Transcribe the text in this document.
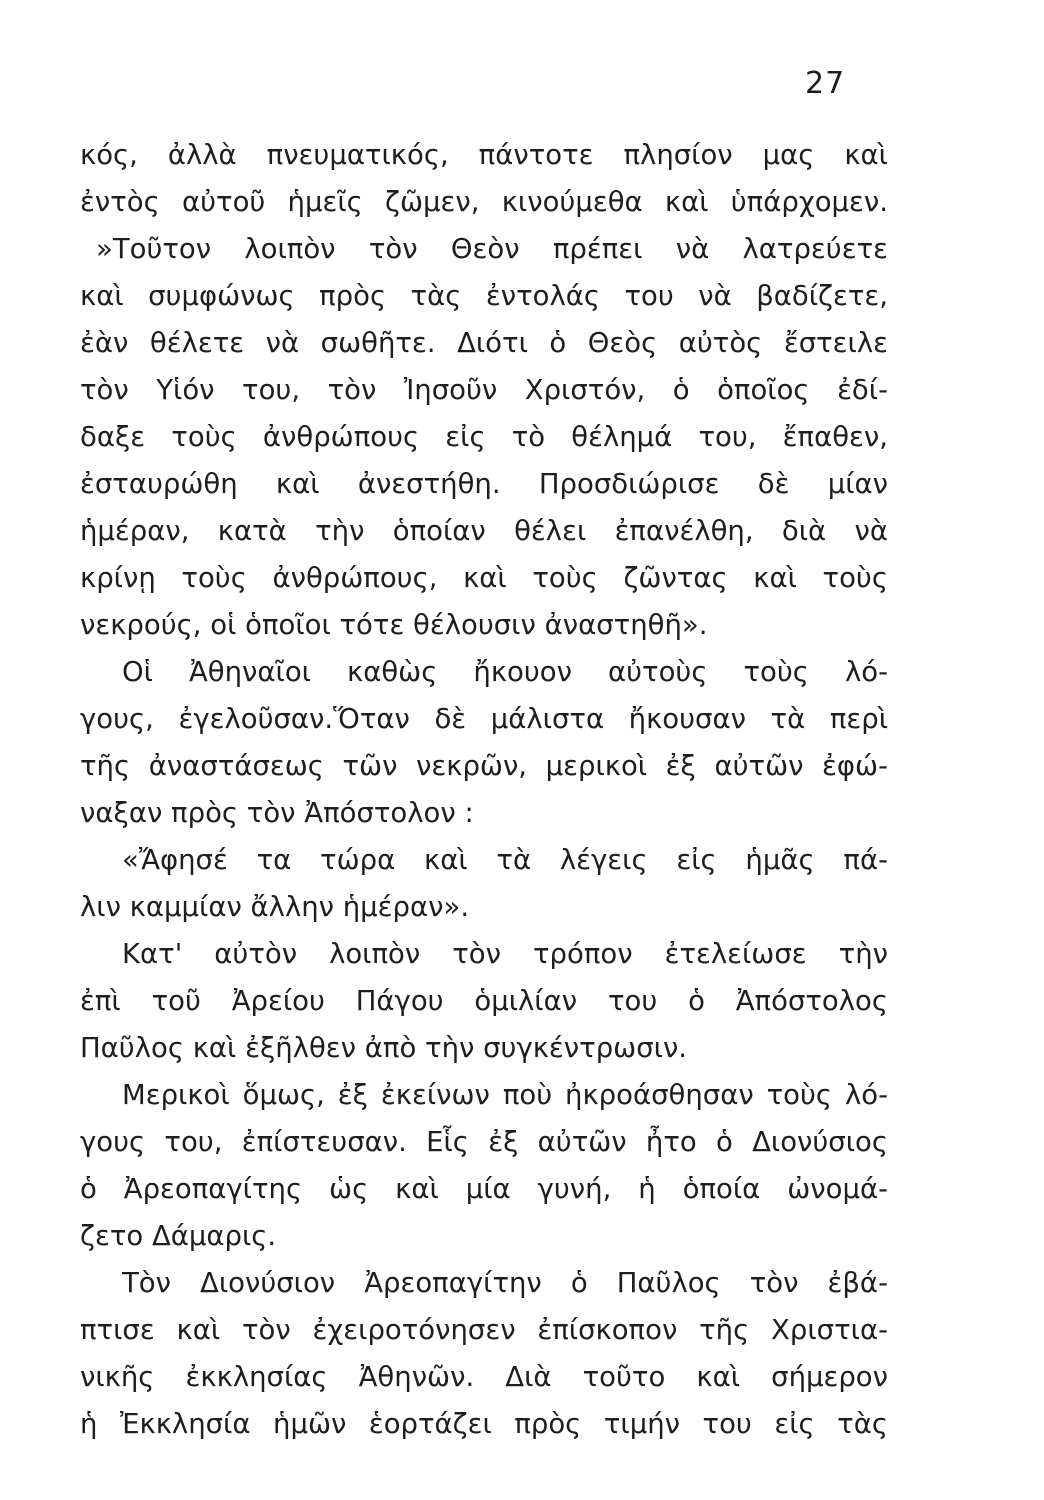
27
κός, ἀλλὰ πνευματικός, πάντοτε πλησίον μας καὶ
ἐντὸς αὐτοῦ ἡμεῖς ζῶμεν, κινούμεθα καὶ ὑπάρχομεν.
»Τοῦτον λοιπὸν τὸν Θεὸν πρέπει νὰ λατρεύετε
καὶ συμφώνως πρὸς τὰς ἐντολάς του νὰ βαδίζετε,
ἐὰν θέλετε νὰ σωθῆτε. Διότι ὁ Θεὸς αὐτὸς ἔστειλε
τὸν Υἱόν του, τὸν Ἰησοῦν Χριστόν, ὁ ὁποῖος ἐδί-
δαξε τοὺς ἀνθρώπους εἰς τὸ θέλημά του, ἔπαθεν,
ἐσταυρώθη καὶ ἀνεστήθη. Προσδιώρισε δὲ μίαν
ἡμέραν, κατὰ τὴν ὁποίαν θέλει ἐπανέλθη, διὰ νὰ
κρίνῃ τοὺς ἀνθρώπους, καὶ τοὺς ζῶντας καὶ τοὺς
νεκρούς, οἱ ὁποῖοι τότε θέλουσιν ἀναστηθῆ».
Οἱ Ἀθηναῖοι καθὼς ἤκουον αὐτοὺς τοὺς λό-
γους, ἐγελοῦσαν.Ὅταν δὲ μάλιστα ἤκουσαν τὰ περὶ
τῆς ἀναστάσεως τῶν νεκρῶν, μερικοὶ ἐξ αὐτῶν ἐφώ-
ναξαν πρὸς τὸν Ἀπόστολον :
«Ἄφησέ τα τώρα καὶ τὰ λέγεις εἰς ἡμᾶς πά-
λιν καμμίαν ἄλλην ἡμέραν».
Κατ' αὐτὸν λοιπὸν τὸν τρόπον ἐτελείωσε τὴν
ἐπὶ τοῦ Ἀρείου Πάγου ὁμιλίαν του ὁ Ἀπόστολος
Παῦλος καὶ ἐξῆλθεν ἀπὸ τὴν συγκέντρωσιν.
Μερικοὶ ὅμως, ἐξ ἐκείνων ποὺ ἠκροάσθησαν τοὺς λό-
γους του, ἐπίστευσαν. Εἷς ἐξ αὐτῶν ἦτο ὁ Διονύσιος
ὁ Ἀρεοπαγίτης ὡς καὶ μία γυνή, ἡ ὁποία ὠνομά-
ζετο Δάμαρις.
Τὸν Διονύσιον Ἀρεοπαγίτην ὁ Παῦλος τὸν ἐβά-
πτισε καὶ τὸν ἐχειροτόνησεν ἐπίσκοπον τῆς Χριστια-
νικῆς ἐκκλησίας Ἀθηνῶν. Διὰ τοῦτο καὶ σήμερον
ἡ Ἐκκλησία ἡμῶν ἑορτάζει πρὸς τιμήν του εἰς τὰς
